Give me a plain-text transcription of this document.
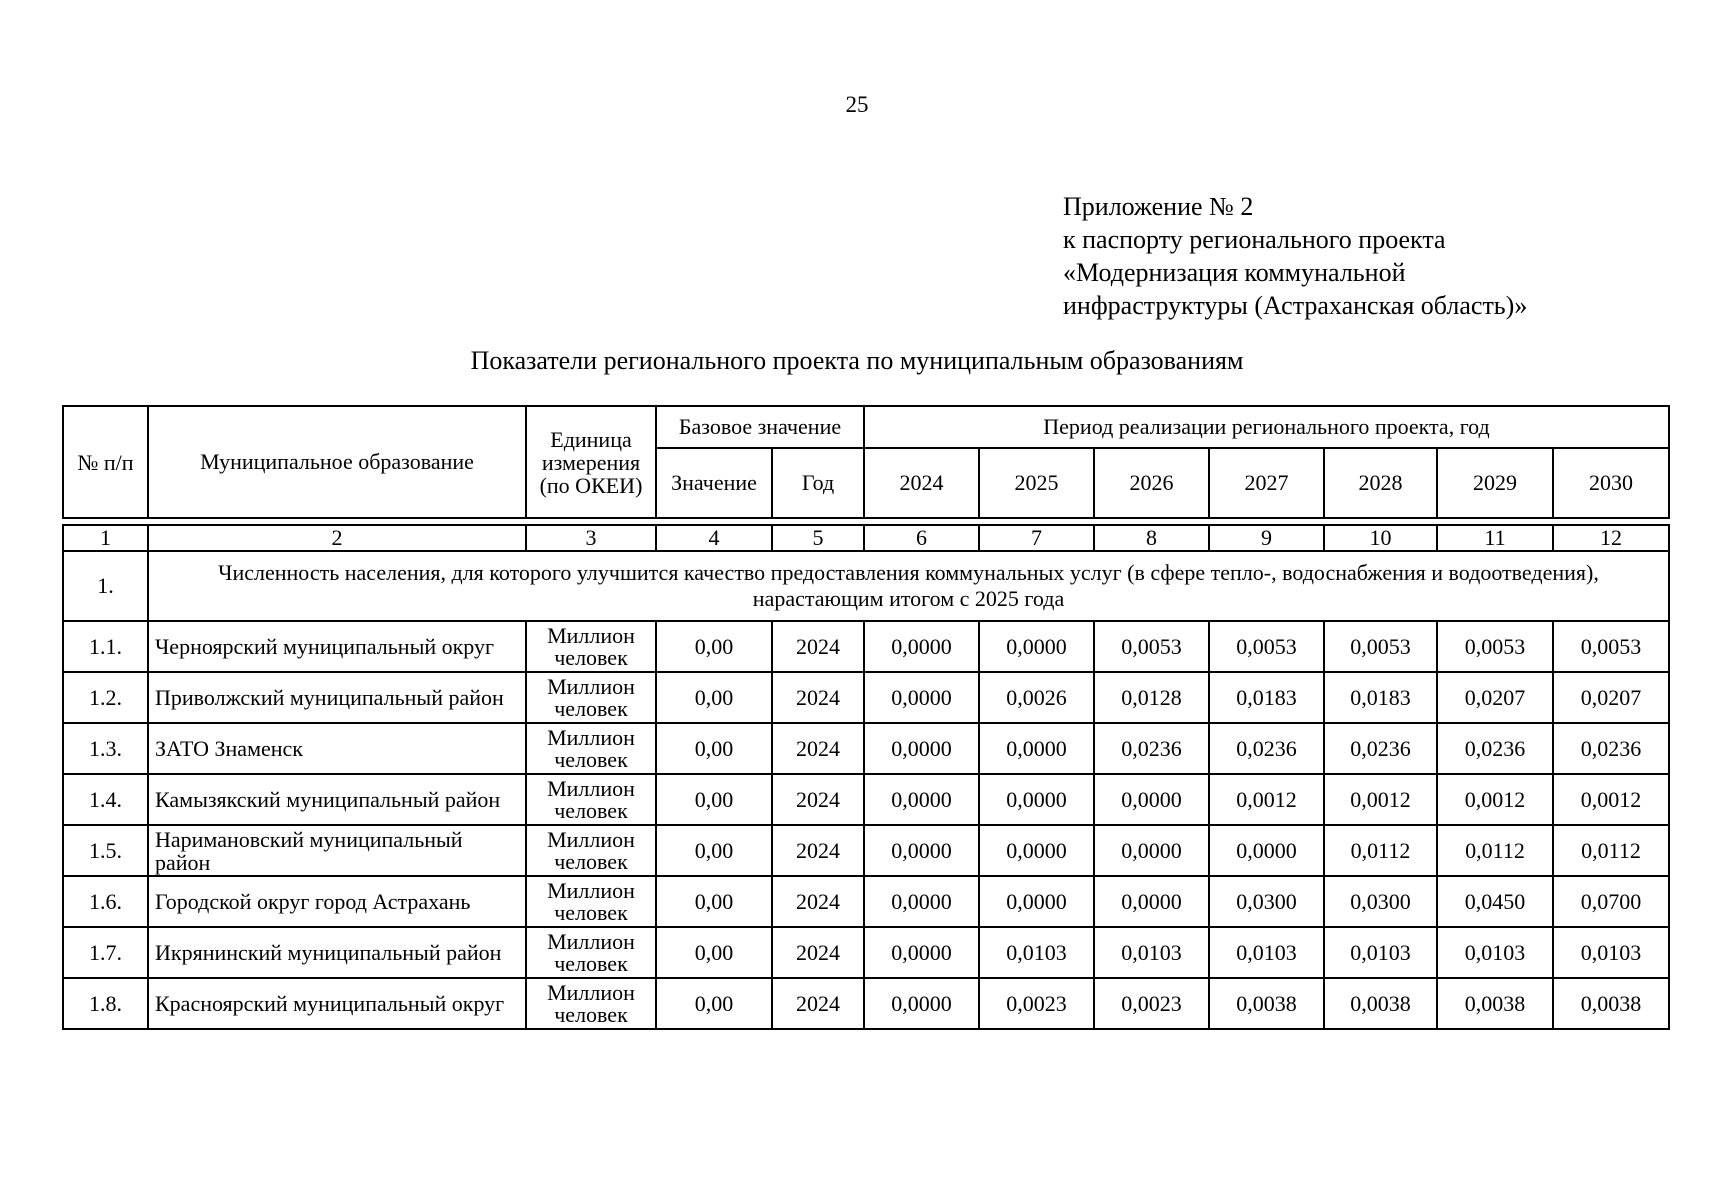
25
Приложение № 2
к паспорту регионального проекта
«Модернизация коммунальной
инфраструктуры (Астраханская область)»
Показатели регионального проекта по муниципальным образованиям
№ п/п	Муниципальное образование	Единица измерения (по ОКЕИ)	Базовое значение		Период реализации регионального проекта, год						
			Значение	Год	2024	2025	2026	2027	2028	2029	2030

1	2	3	4	5	6	7	8	9	10	11	12
1.	Численность населения, для которого улучшится качество предоставления коммунальных услуг (в сфере тепло-, водоснабжения и водоотведения), нарастающим итогом с 2025 года										
1.1.	Черноярский муниципальный округ	Миллион человек	0,00	2024	0,0000	0,0000	0,0053	0,0053	0,0053	0,0053	0,0053
1.2.	Приволжский муниципальный район	Миллион человек	0,00	2024	0,0000	0,0026	0,0128	0,0183	0,0183	0,0207	0,0207
1.3.	ЗАТО Знаменск	Миллион человек	0,00	2024	0,0000	0,0000	0,0236	0,0236	0,0236	0,0236	0,0236
1.4.	Камызякский муниципальный район	Миллион человек	0,00	2024	0,0000	0,0000	0,0000	0,0012	0,0012	0,0012	0,0012
1.5.	Наримановский муниципальный район	Миллион человек	0,00	2024	0,0000	0,0000	0,0000	0,0000	0,0112	0,0112	0,0112
1.6.	Городской округ город Астрахань	Миллион человек	0,00	2024	0,0000	0,0000	0,0000	0,0300	0,0300	0,0450	0,0700
1.7.	Икрянинский муниципальный район	Миллион человек	0,00	2024	0,0000	0,0103	0,0103	0,0103	0,0103	0,0103	0,0103
1.8.	Красноярский муниципальный округ	Миллион человек	0,00	2024	0,0000	0,0023	0,0023	0,0038	0,0038	0,0038	0,0038
